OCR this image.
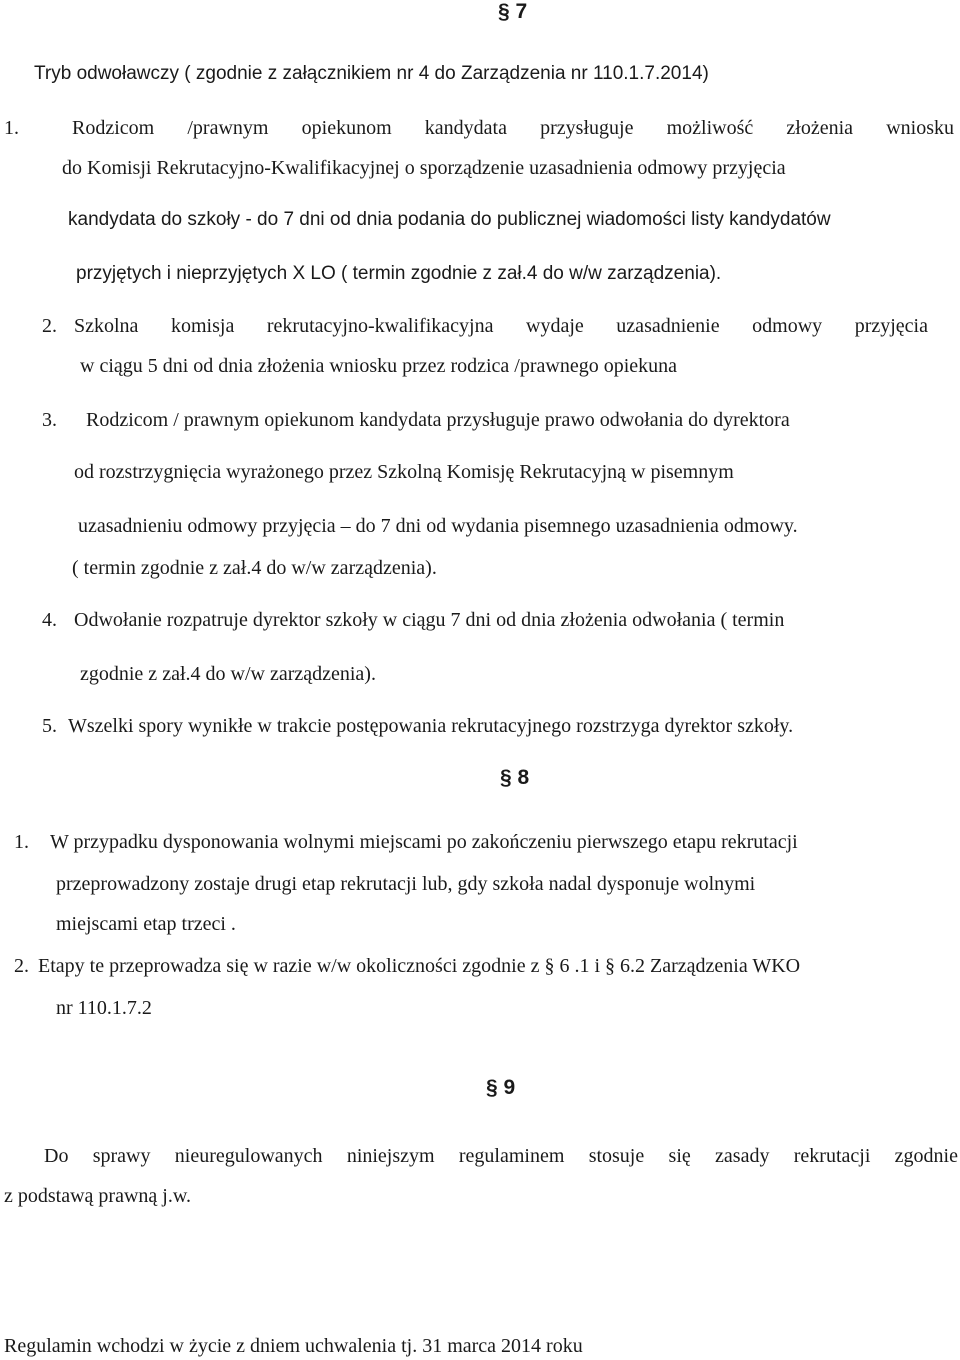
§ 7
Tryb odwoławczy ( zgodnie z załącznikiem nr 4 do Zarządzenia nr 110.1.7.2014)
1.	Rodzicom /prawnym opiekunom kandydata przysługuje możliwość złożenia wniosku
do Komisji Rekrutacyjno-Kwalifikacyjnej o sporządzenie uzasadnienia odmowy przyjęcia
kandydata do szkoły - do 7 dni od dnia podania do publicznej wiadomości listy kandydatów
przyjętych i nieprzyjętych X LO ( termin zgodnie z zał.4 do w/w zarządzenia).
2. Szkolna komisja rekrutacyjno-kwalifikacyjna wydaje uzasadnienie odmowy przyjęcia
w ciągu 5 dni od dnia złożenia wniosku przez rodzica /prawnego opiekuna
3. Rodzicom / prawnym opiekunom kandydata przysługuje prawo odwołania do dyrektora
od rozstrzygnięcia wyrażonego przez Szkolną Komisję Rekrutacyjną w pisemnym
uzasadnieniu odmowy przyjęcia – do 7 dni od wydania pisemnego uzasadnienia odmowy.
( termin zgodnie z zał.4 do w/w zarządzenia).
4. Odwołanie rozpatruje dyrektor szkoły w ciągu 7 dni od dnia złożenia odwołania ( termin
zgodnie z zał.4 do w/w zarządzenia).
5. Wszelki spory wynikłe w trakcie postępowania rekrutacyjnego rozstrzyga dyrektor szkoły.
§ 8
1. W przypadku dysponowania wolnymi miejscami po zakończeniu pierwszego etapu rekrutacji
przeprowadzony zostaje drugi etap rekrutacji lub, gdy szkoła nadal dysponuje wolnymi
miejscami etap trzeci .
2. Etapy te przeprowadza się w razie w/w okoliczności zgodnie z § 6 .1 i § 6.2 Zarządzenia WKO
nr 110.1.7.2
§ 9
Do sprawy nieuregulowanych niniejszym regulaminem stosuje się zasady rekrutacji zgodnie
z podstawą prawną j.w.
Regulamin wchodzi w życie z dniem uchwalenia tj. 31 marca 2014 roku
